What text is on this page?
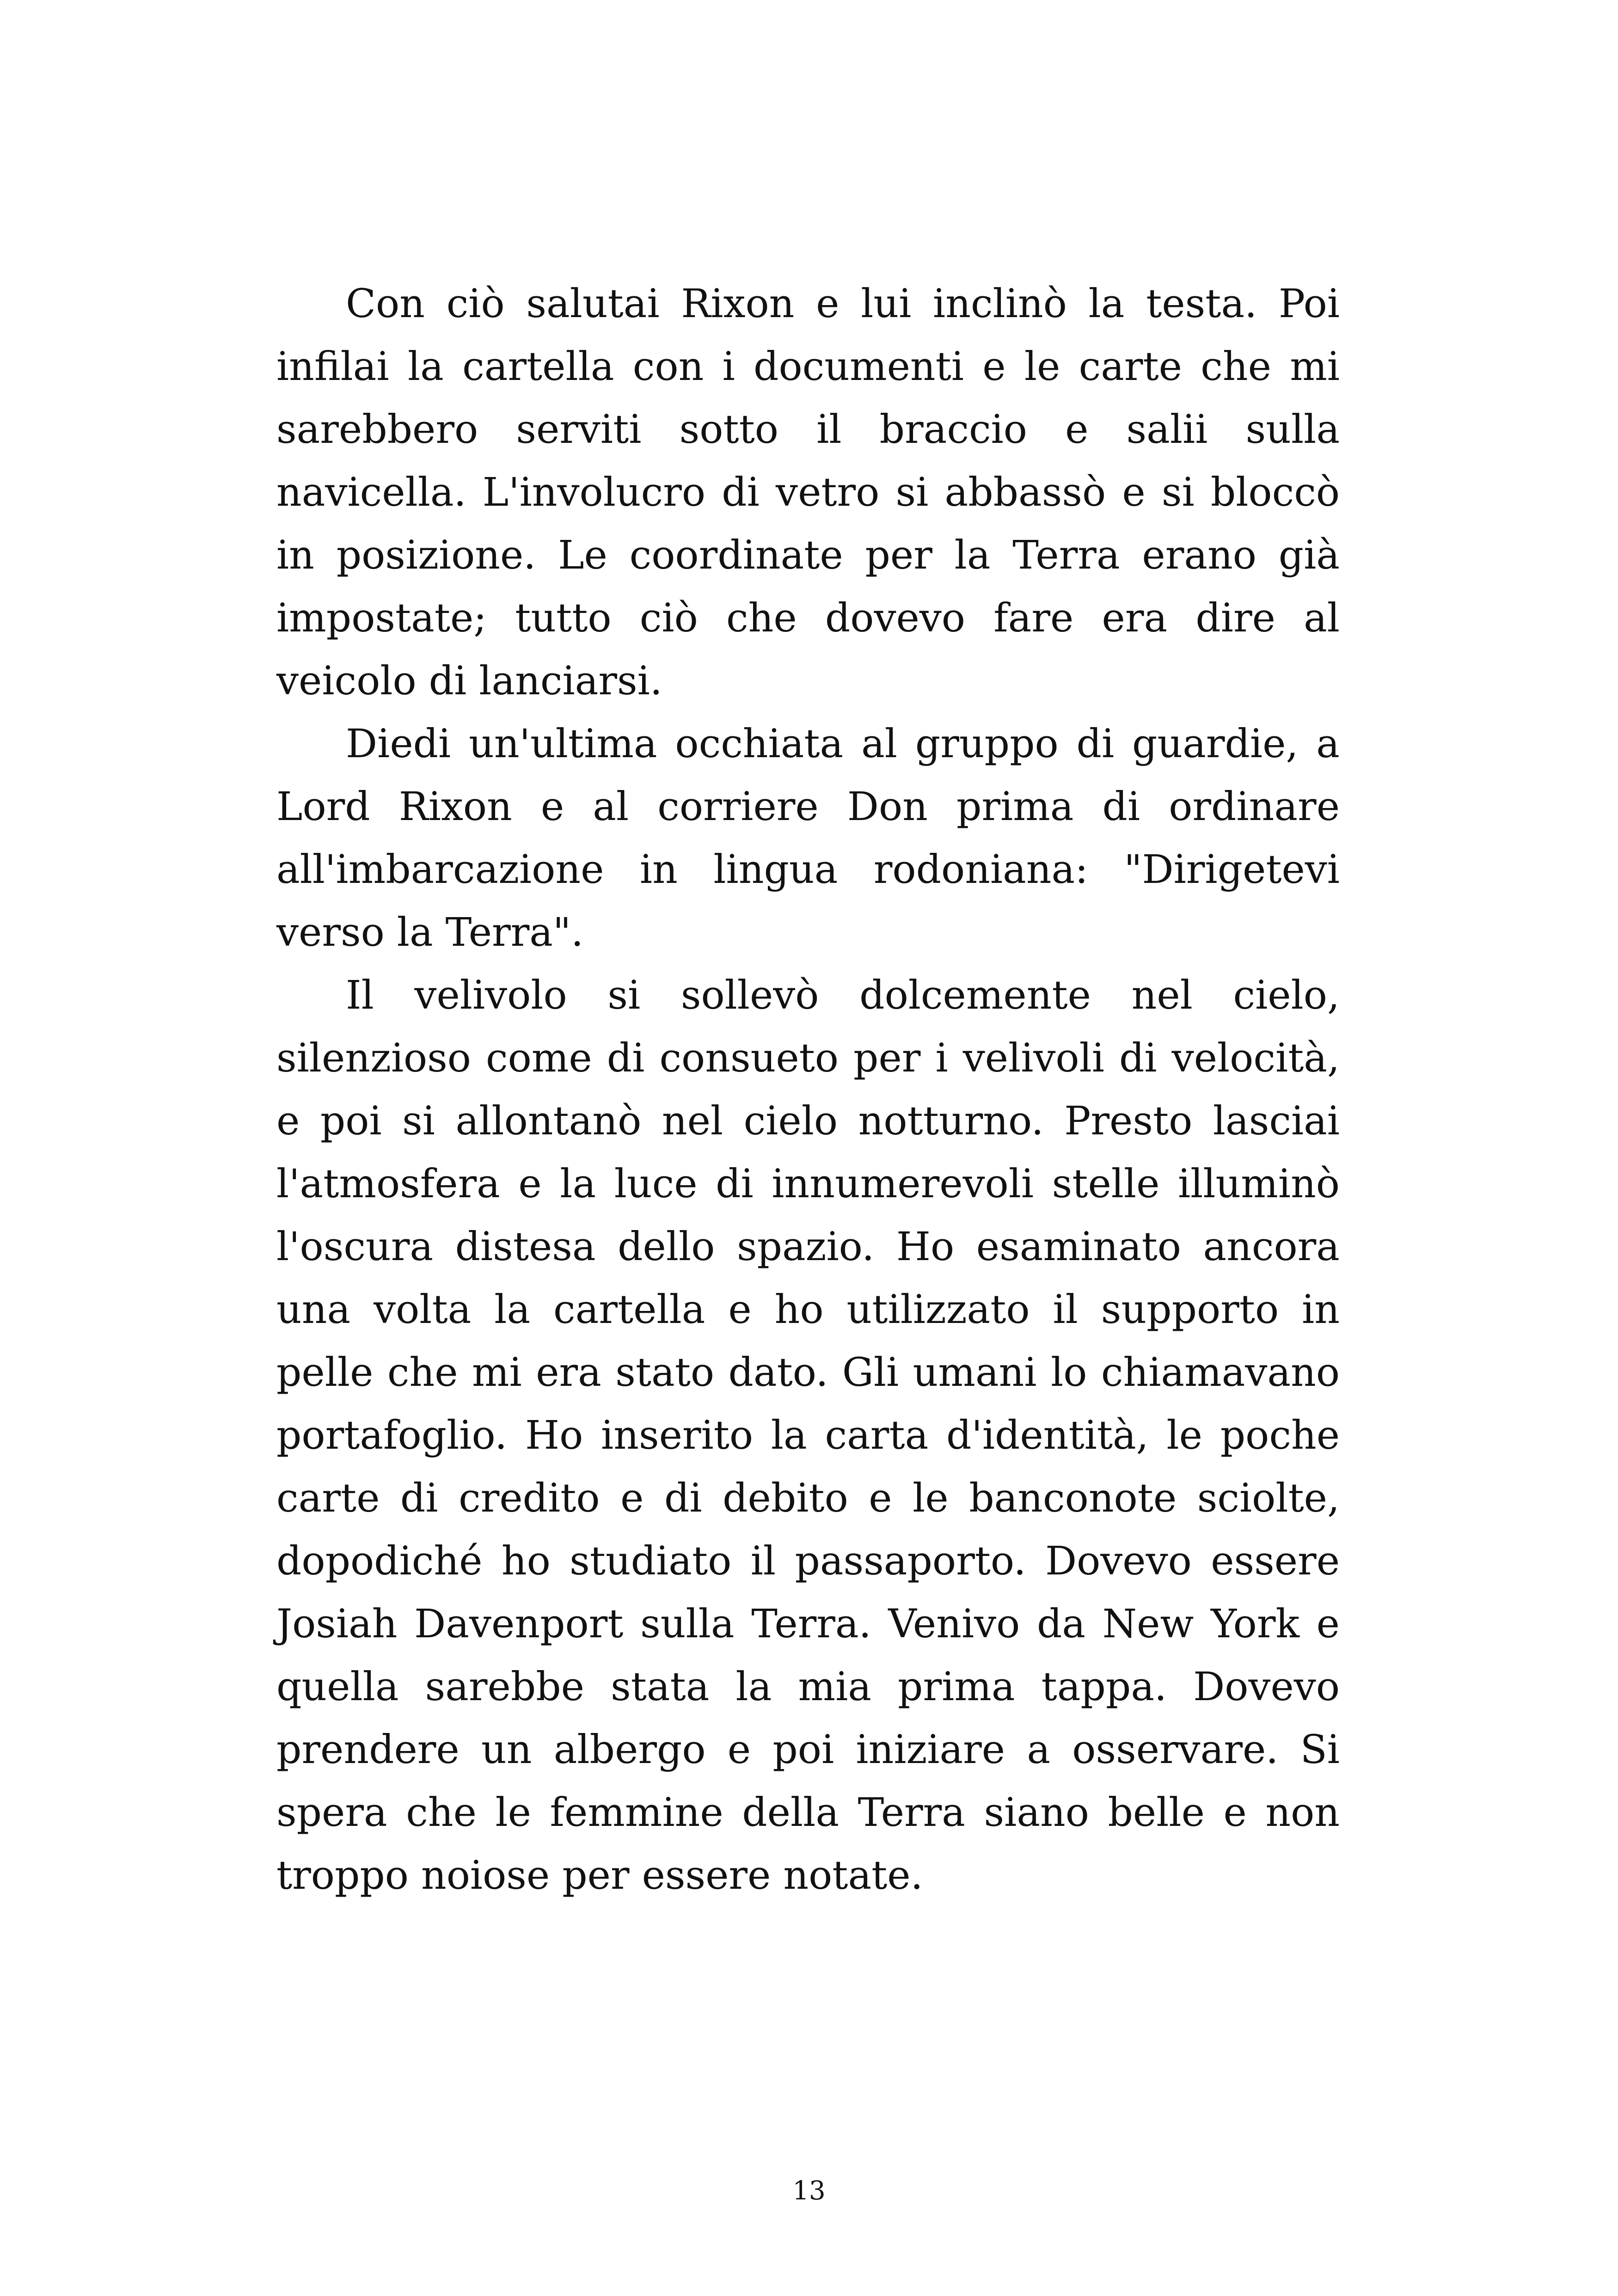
Con ciò salutai Rixon e lui inclinò la testa. Poi infilai la cartella con i documenti e le carte che mi sarebbero serviti sotto il braccio e salii sulla navicella. L'involucro di vetro si abbassò e si bloccò in posizione. Le coordinate per la Terra erano già impostate; tutto ciò che dovevo fare era dire al veicolo di lanciarsi.

Diedi un'ultima occhiata al gruppo di guardie, a Lord Rixon e al corriere Don prima di ordinare all'imbarcazione in lingua rodoniana: "Dirigetevi verso la Terra".

Il velivolo si sollevò dolcemente nel cielo, silenzioso come di consueto per i velivoli di velocità, e poi si allontanò nel cielo notturno. Presto lasciai l'atmosfera e la luce di innumerevoli stelle illuminò l'oscura distesa dello spazio. Ho esaminato ancora una volta la cartella e ho utilizzato il supporto in pelle che mi era stato dato. Gli umani lo chiamavano portafoglio. Ho inserito la carta d'identità, le poche carte di credito e di debito e le banconote sciolte, dopodiché ho studiato il passaporto. Dovevo essere Josiah Davenport sulla Terra. Venivo da New York e quella sarebbe stata la mia prima tappa. Dovevo prendere un albergo e poi iniziare a osservare. Si spera che le femmine della Terra siano belle e non troppo noiose per essere notate.

13
